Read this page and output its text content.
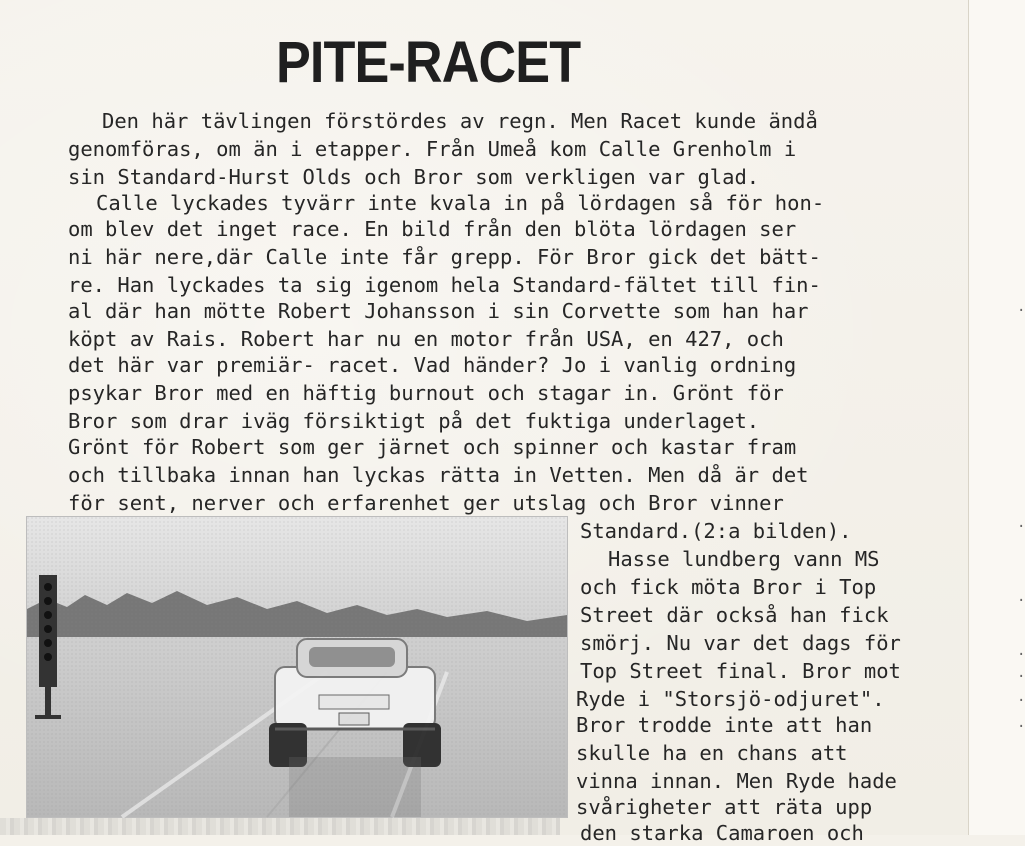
.
.
.
.
.
.
.
PITE-RACET
Den här tävlingen förstördes av regn. Men Racet kunde ändå
genomföras, om än i etapper. Från Umeå kom Calle Grenholm i
sin Standard-Hurst Olds och Bror som verkligen var glad.
Calle lyckades tyvärr inte kvala in på lördagen så för hon-
om blev det inget race. En bild från den blöta lördagen ser
ni här nere,där Calle inte får grepp. För Bror gick det bätt-
re. Han lyckades ta sig igenom hela Standard-fältet till fin-
al där han mötte Robert Johansson i sin Corvette som han har
köpt av Rais. Robert har nu en motor från USA, en 427, och
det här var premiär- racet. Vad händer? Jo i vanlig ordning
psykar Bror med en häftig burnout och stagar in. Grönt för
Bror som drar iväg försiktigt på det fuktiga underlaget.
Grönt för Robert som ger järnet och spinner och kastar fram
och tillbaka innan han lyckas rätta in Vetten. Men då är det
för sent, nerver och erfarenhet ger utslag och Bror vinner
Standard.(2:a bilden).
Hasse lundberg vann MS
och fick möta Bror i Top
Street där också han fick
smörj. Nu var det dags för
Top Street final. Bror mot
Ryde i "Storsjö-odjuret".
Bror trodde inte att han
skulle ha en chans att
vinna innan. Men Ryde hade
svårigheter att räta upp
den starka Camaroen och
